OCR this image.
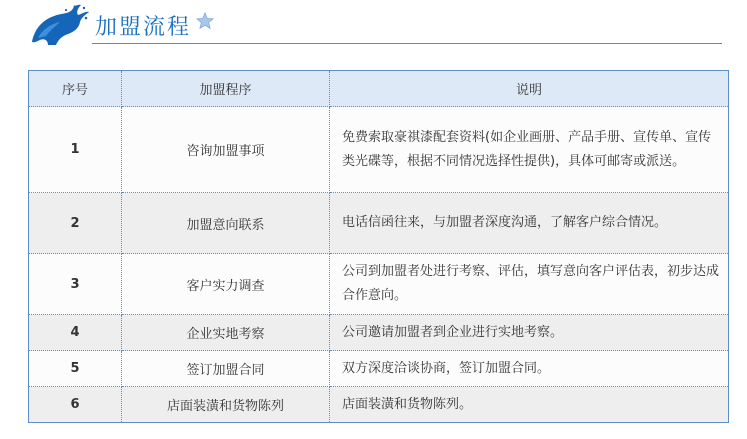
加盟流程
序号	加盟程序	说明
1	咨询加盟事项	免费索取豪祺漆配套资料(如企业画册、产品手册、宣传单、宣传类光碟等，根据不同情况选择性提供)，具体可邮寄或派送。
2	加盟意向联系	电话信函往来，与加盟者深度沟通，了解客户综合情况。
3	客户实力调查	公司到加盟者处进行考察、评估，填写意向客户评估表，初步达成合作意向。
4	企业实地考察	公司邀请加盟者到企业进行实地考察。
5	签订加盟合同	双方深度洽谈协商，签订加盟合同。
6	店面装潢和货物陈列	店面装潢和货物陈列。
